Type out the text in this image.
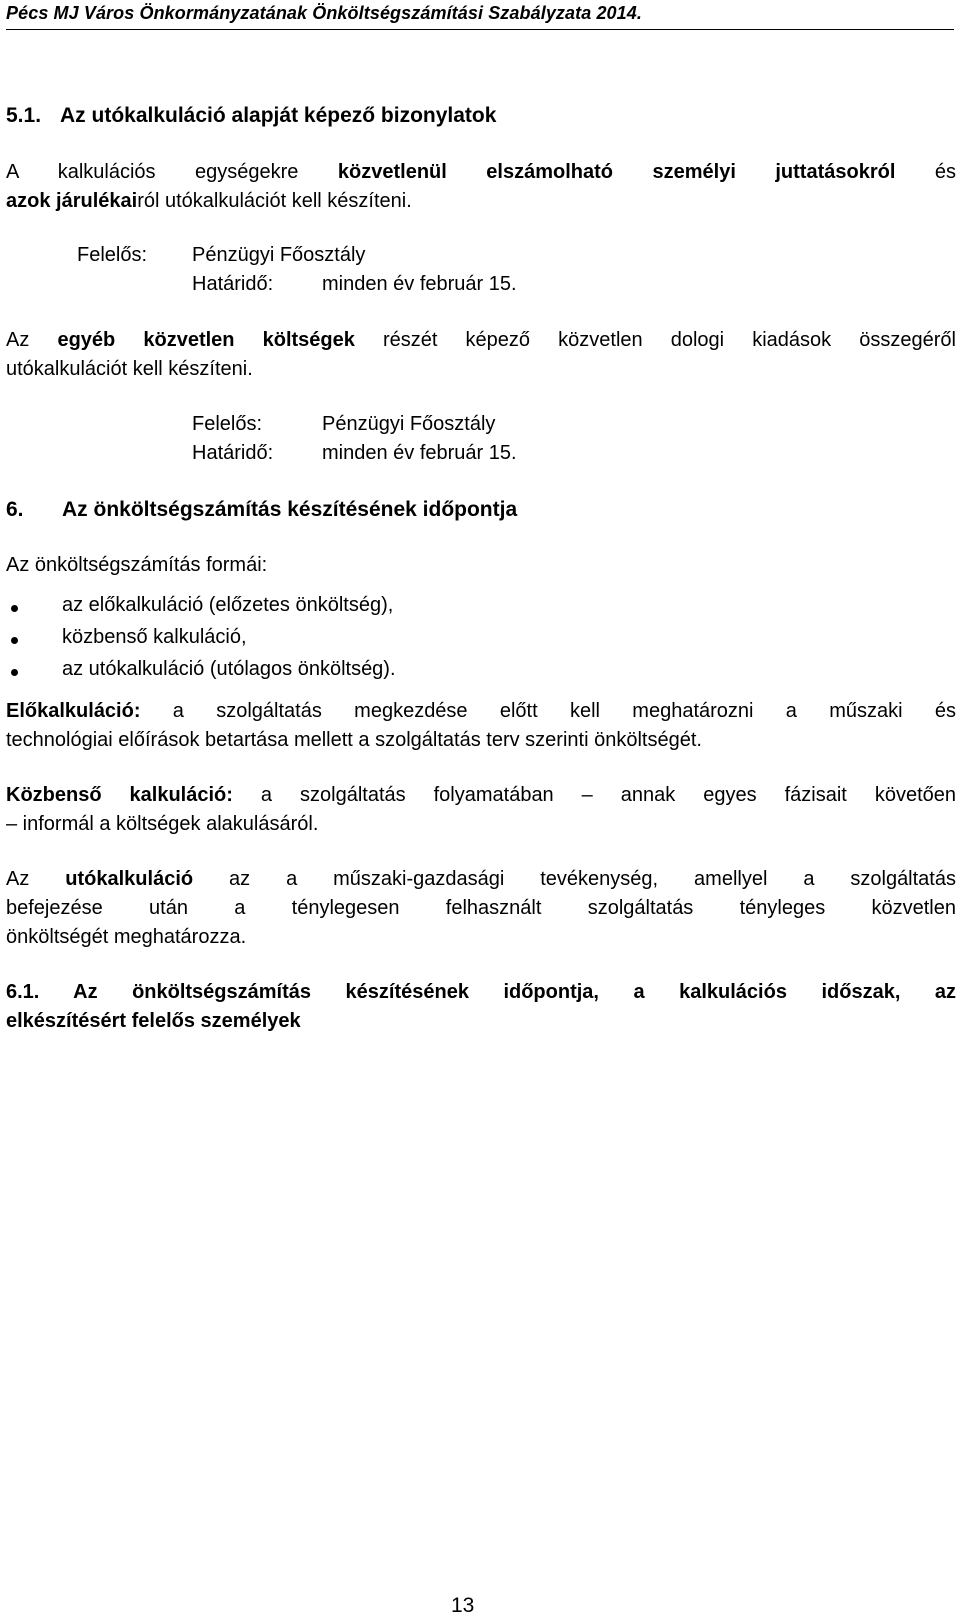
Pécs MJ Város Önkormányzatának Önköltségszámítási Szabályzata 2014.
5.1. Az utókalkuláció alapját képező bizonylatok
A kalkulációs egységekre közvetlenül elszámolható személyi juttatásokról és
azok járulékairól utókalkulációt kell készíteni.
Felelős: Pénzügyi Főosztály
Határidő: minden év február 15.
Az egyéb közvetlen költségek részét képező közvetlen dologi kiadások összegéről
utókalkulációt kell készíteni.
Felelős:	Pénzügyi Főosztály
Határidő: minden év február 15.
6. Az önköltségszámítás készítésének időpontja
Az önköltségszámítás formái:
az előkalkuláció (előzetes önköltség),
közbenső kalkuláció,
az utókalkuláció (utólagos önköltség).
Előkalkuláció: a szolgáltatás megkezdése előtt kell meghatározni a műszaki és
technológiai előírások betartása mellett a szolgáltatás terv szerinti önköltségét.
Közbenső kalkuláció: a szolgáltatás folyamatában – annak egyes fázisait követően
– informál a költségek alakulásáról.
Az utókalkuláció az a műszaki-gazdasági tevékenység, amellyel a szolgáltatás
befejezése után a ténylegesen felhasznált szolgáltatás tényleges közvetlen
önköltségét meghatározza.
6.1. Az önköltségszámítás készítésének időpontja, a kalkulációs időszak, az
elkészítésért felelős személyek
13
